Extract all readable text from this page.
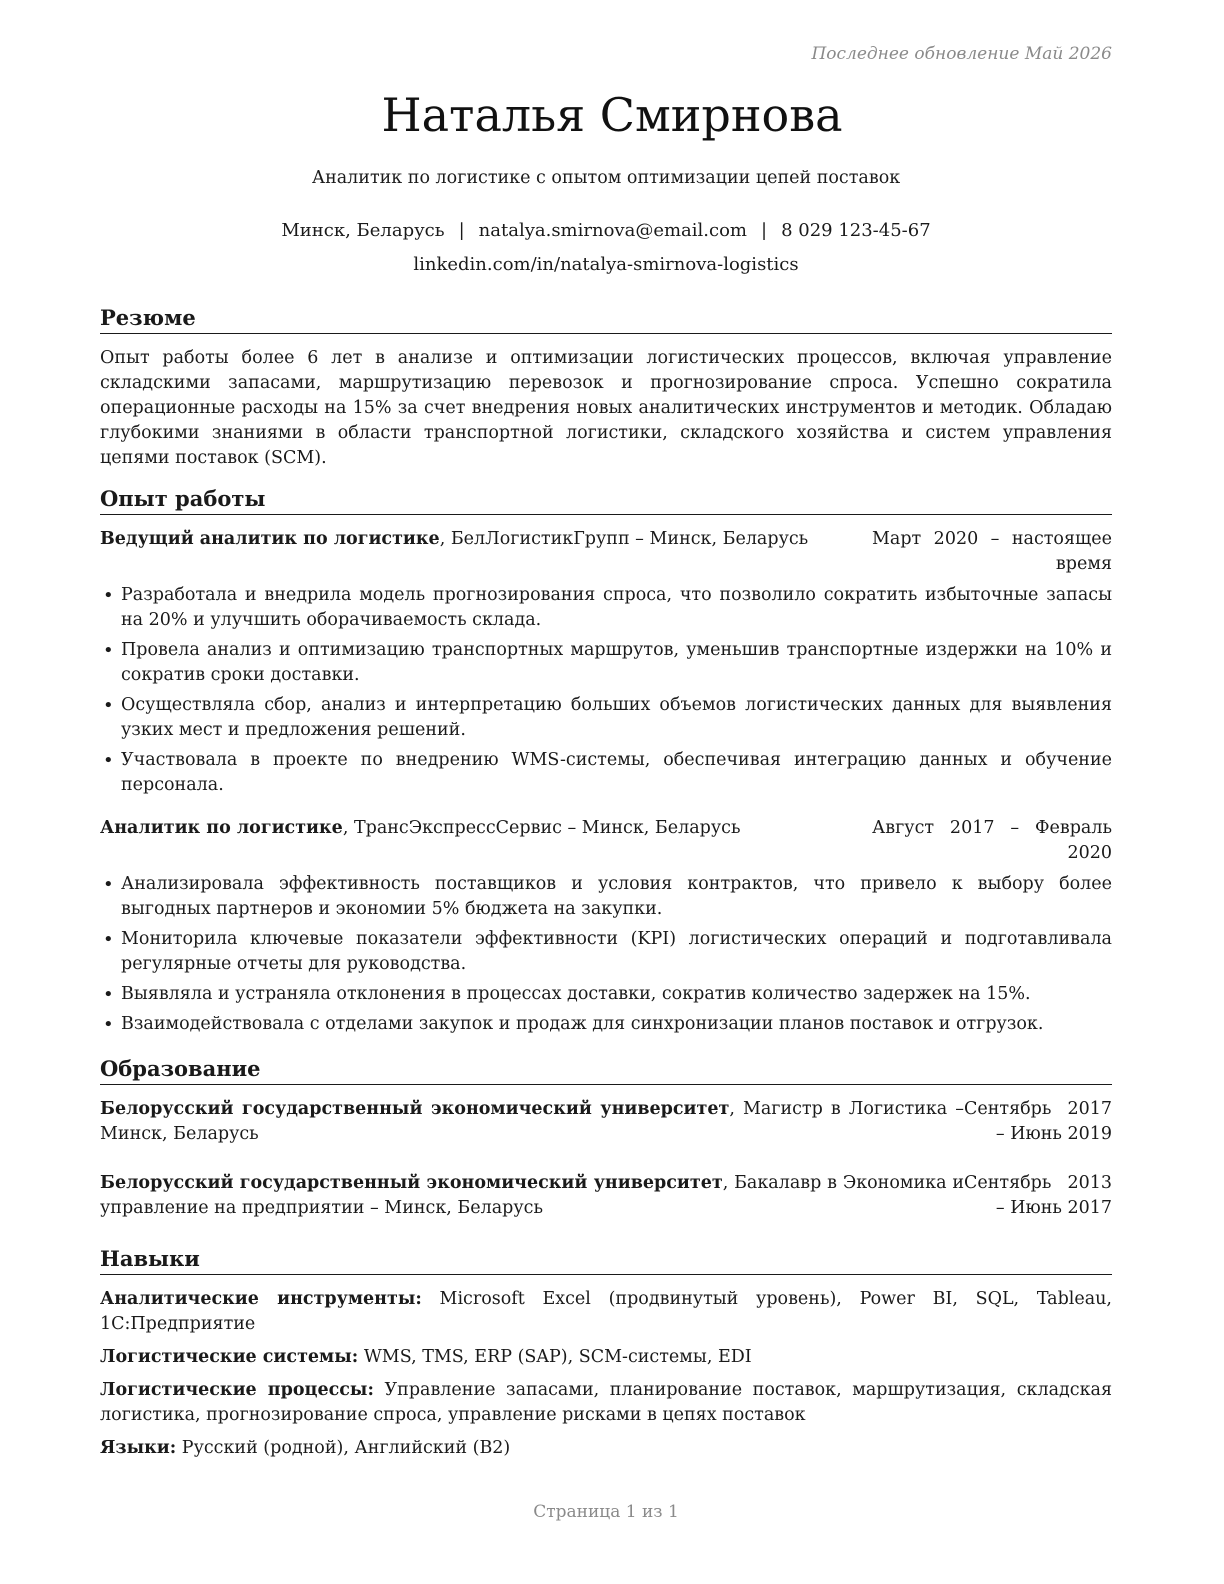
Последнее обновление Май 2026
Наталья Смирнова
Аналитик по логистике с опытом оптимизации цепей поставок
Минск, Беларусь | natalya.smirnova@email.com | 8 029 123-45-67
linkedin.com/in/natalya-smirnova-logistics
Резюме
Опыт работы более 6 лет в анализе и оптимизации логистических процессов, включая управление складскими запасами, маршрутизацию перевозок и прогнозирование спроса. Успешно сократила операционные расходы на 15% за счет внедрения новых аналитических инструментов и методик. Обладаю глубокими знаниями в области транспортной логистики, складского хозяйства и систем управления цепями поставок (SCM).
Опыт работы
Ведущий аналитик по логистике, БелЛогистикГрупп – Минск, Беларусь	Март 2020 – настоящее время
• Разработала и внедрила модель прогнозирования спроса, что позволило сократить избыточные запасы на 20% и улучшить оборачиваемость склада.
• Провела анализ и оптимизацию транспортных маршрутов, уменьшив транспортные издержки на 10% и сократив сроки доставки.
• Осуществляла сбор, анализ и интерпретацию больших объемов логистических данных для выявления узких мест и предложения решений.
• Участвовала в проекте по внедрению WMS-системы, обеспечивая интеграцию данных и обучение персонала.
Аналитик по логистике, ТрансЭкспрессСервис – Минск, Беларусь	Август 2017 – Февраль 2020
• Анализировала эффективность поставщиков и условия контрактов, что привело к выбору более выгодных партнеров и экономии 5% бюджета на закупки.
• Мониторила ключевые показатели эффективности (KPI) логистических операций и подготавливала регулярные отчеты для руководства.
• Выявляла и устраняла отклонения в процессах доставки, сократив количество задержек на 15%.
• Взаимодействовала с отделами закупок и продаж для синхронизации планов поставок и отгрузок.
Образование
Белорусский государственный экономический университет, Магистр в Логистика – Минск, Беларусь
Сентябрь 2017 – Июнь 2019
Белорусский государственный экономический университет, Бакалавр в Экономика и управление на предприятии – Минск, Беларусь
Сентябрь 2013 – Июнь 2017
Навыки
Аналитические инструменты: Microsoft Excel (продвинутый уровень), Power BI, SQL, Tableau, 1С:Предприятие
Логистические системы: WMS, TMS, ERP (SAP), SCM-системы, EDI
Логистические процессы: Управление запасами, планирование поставок, маршрутизация, складская логистика, прогнозирование спроса, управление рисками в цепях поставок
Языки: Русский (родной), Английский (B2)
Страница 1 из 1
